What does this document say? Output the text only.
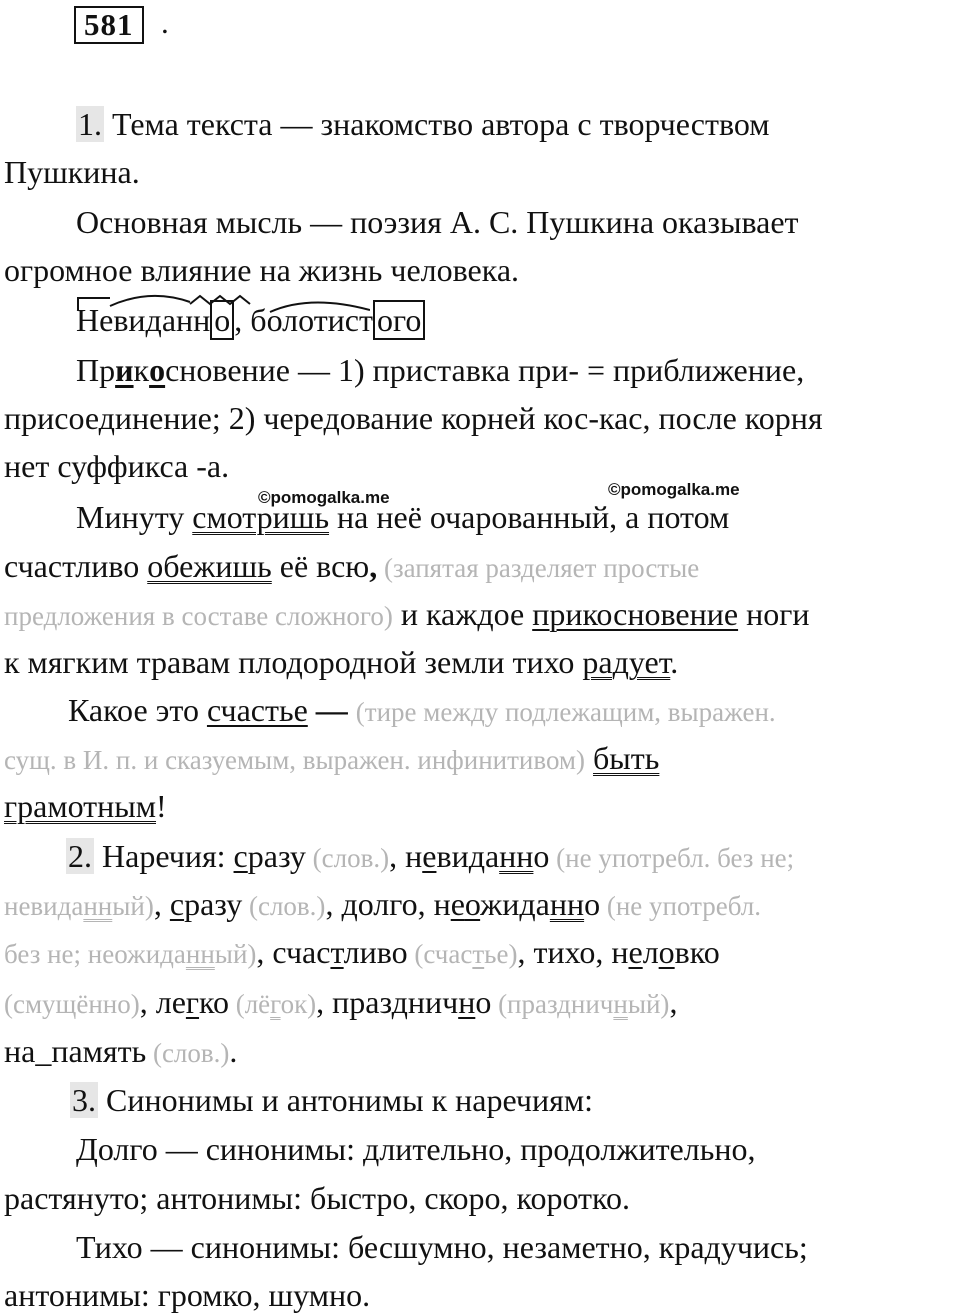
581 .
1. Тема текста — знакомство автора с творчеством
Пушкина.
Основная мысль — поэзия А. С. Пушкина оказывает
огромное влияние на жизнь человека.
Невиданн о , болотист ого
Прикосновение — 1) приставка при- = приближение,
присоединение; 2) чередование корней кос-кас, после корня
нет суффикса -а.
©pomogalka.me	©pomogalka.me
Минуту смотришь на неё очарованный, а потом
счастливо обежишь её всю, (запятая разделяет простые
предложения в составе сложного) и каждое прикосновение ноги
к мягким травам плодородной земли тихо радует.
Какое это счастье — (тире между подлежащим, выражен.
сущ. в И. п. и сказуемым, выражен. инфинитивом) быть
грамотным!
2. Наречия: сразу (слов.), невиданно (не употребл. без не;
невиданный), сразу (слов.), долго, неожиданно (не употребл.
без не; неожиданный), счастливо (счастье), тихо, неловко
(смущённо), легко (лёгок), празднично (праздничный),
на_память (слов.).
3. Синонимы и антонимы к наречиям:
Долго — синонимы: длительно, продолжительно,
растянуто; антонимы: быстро, скоро, коротко.
Тихо — синонимы: бесшумно, незаметно, крадучись;
антонимы: громко, шумно.
